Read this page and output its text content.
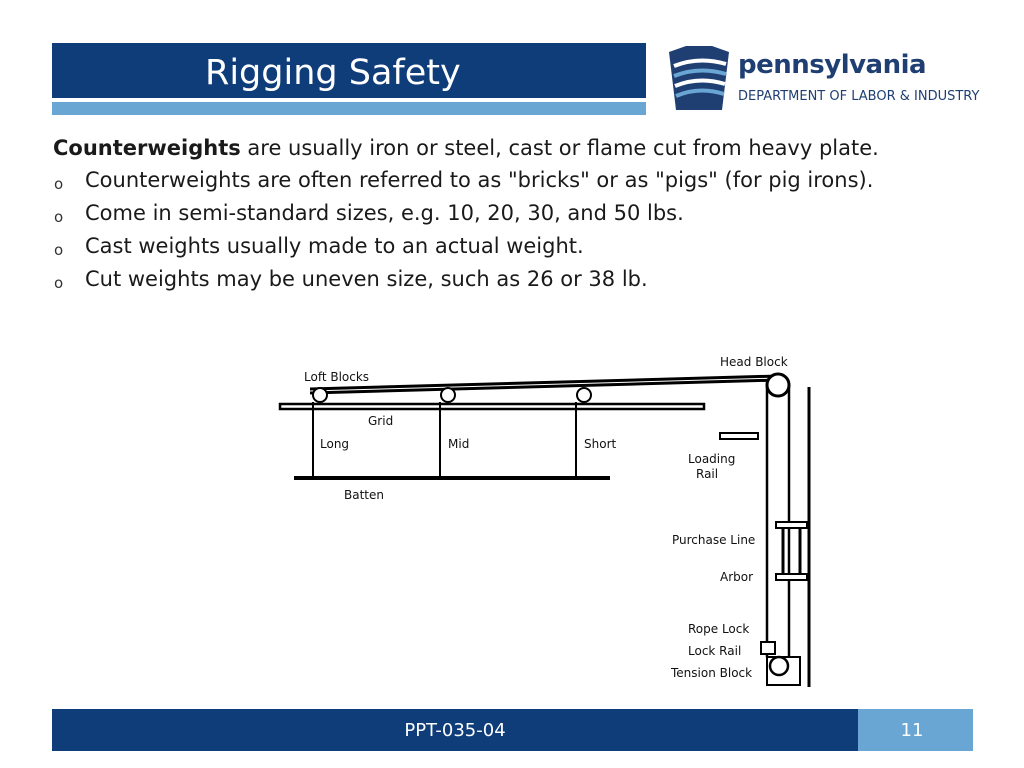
Rigging Safety	pennsylvania
DEPARTMENT OF LABOR & INDUSTRY

Counterweights are usually iron or steel, cast or flame cut from heavy plate.

o Counterweights are often referred to as "bricks" or as "pigs" (for pig irons).
o Come in semi-standard sizes, e.g. 10, 20, 30, and 50 lbs.
o Cast weights usually made to an actual weight.
o Cut weights may be uneven size, such as 26 or 38 lb.
Loft Blocks
Head Block
Grid
Long	Mid	Short
Loading
Rail
Batten
Purchase Line
Arbor
Rope Lock
Lock Rail
Tension Block
PPT-035-04	11
